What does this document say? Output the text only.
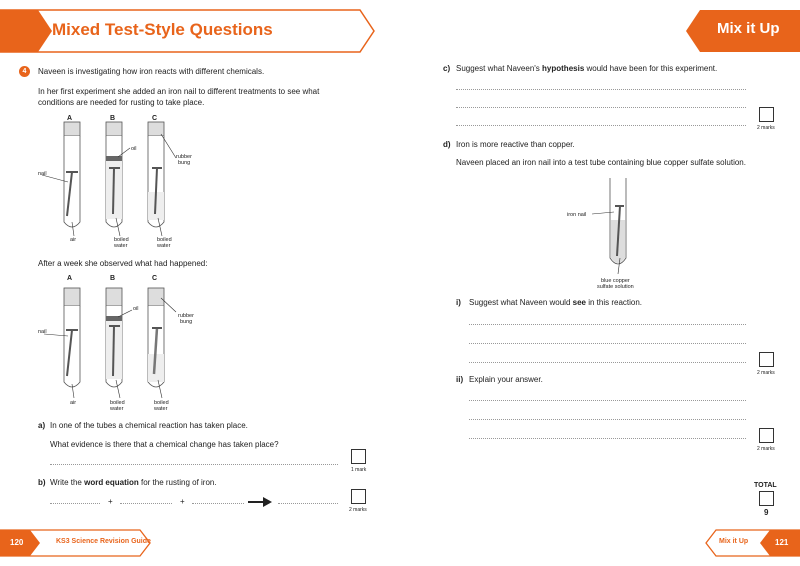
Mixed Test-Style Questions	Mix it Up
4	Naveen is investigating how iron reacts with different chemicals.
In her first experiment she added an iron nail to different treatments to see what
conditions are needed for rusting to take place.
A	B	C
nail
oil
rubber
bung
air	boiled
water
boiled
water
After a week she observed what had happened:
A	B	C
nail
oil
rubber
bung
air	boiled
water
boiled
water
a) In one of the tubes a chemical reaction has taken place.
What evidence is there that a chemical change has taken place?
1 mark
b) Write the word equation for the rusting of iron.
+	+
2 marks
c) Suggest what Naveen's hypothesis would have been for this experiment.
2 marks
d) Iron is more reactive than copper.
Naveen placed an iron nail into a test tube containing blue copper sulfate solution.
iron nail
blue copper
sulfate solution
i) Suggest what Naveen would see in this reaction.
2 marks
ii) Explain your answer.
2 marks
TOTAL
9
120	KS3 Science Revision Guide	Mix it Up	121
